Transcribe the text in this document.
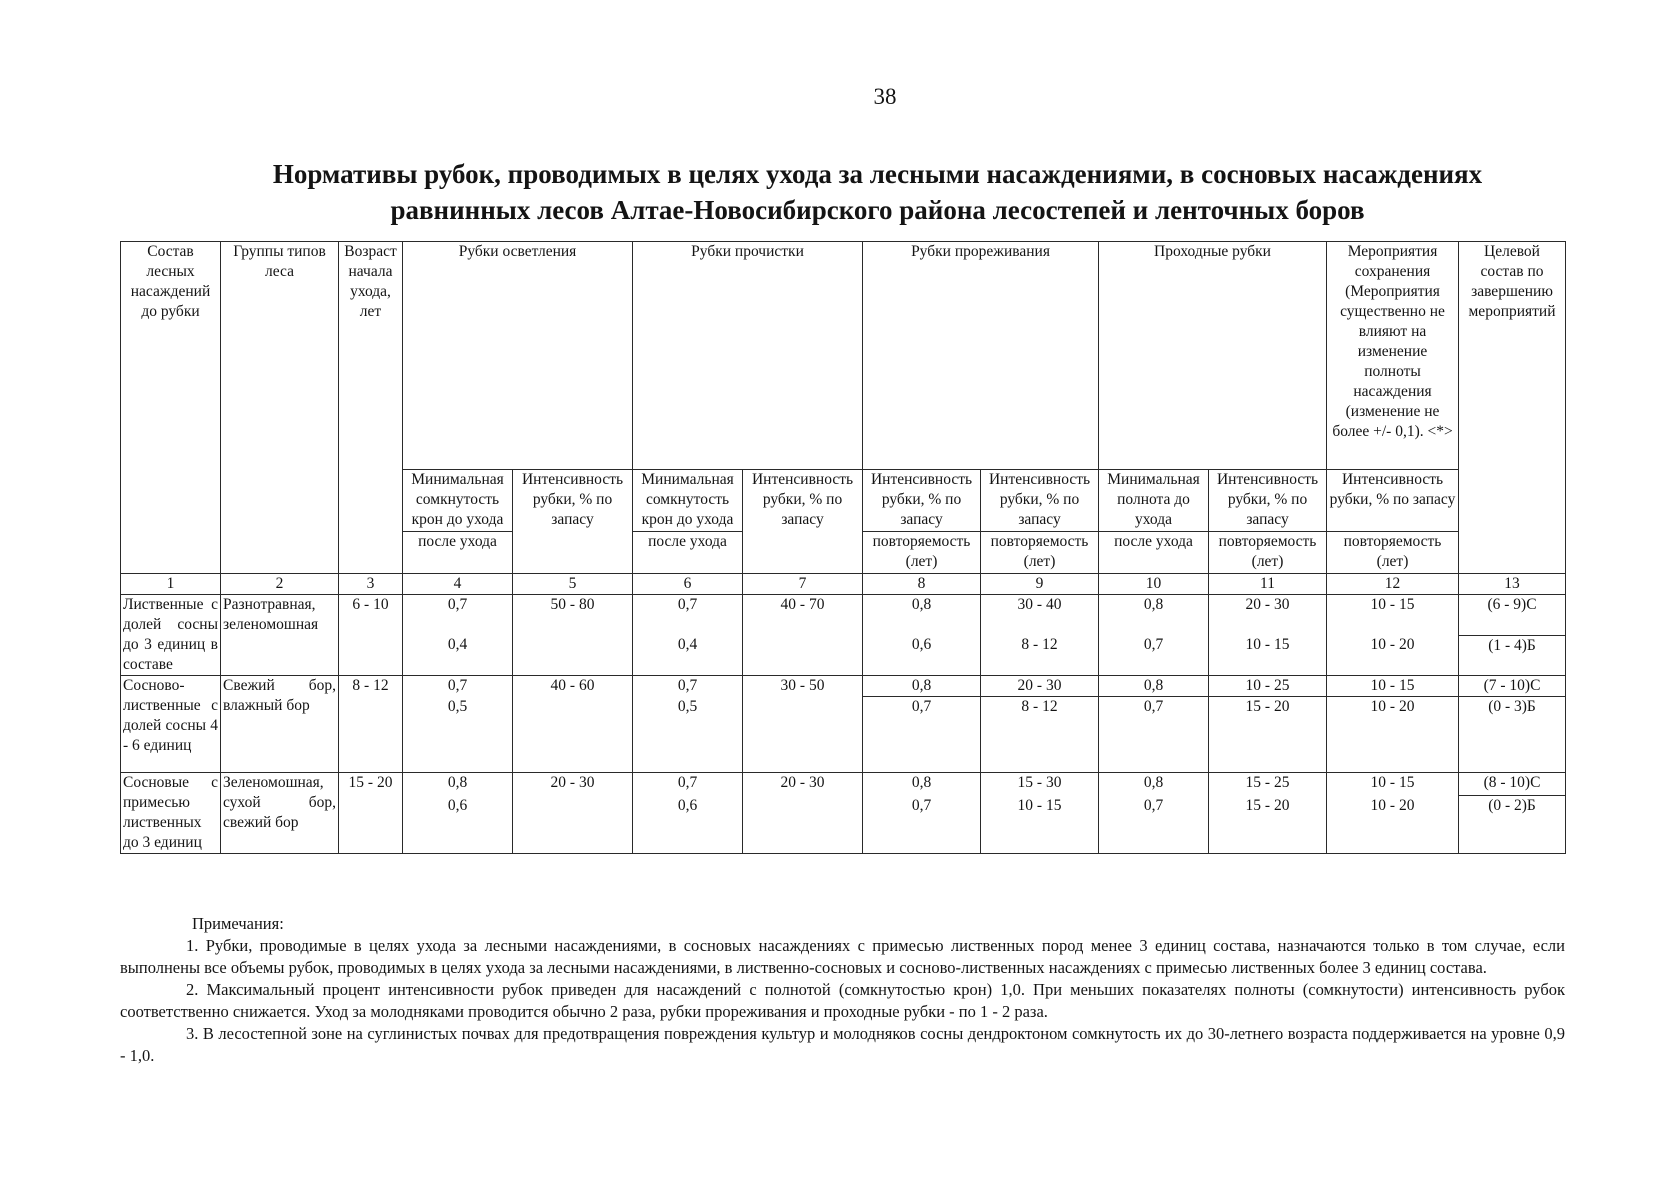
38
Нормативы рубок, проводимых в целях ухода за лесными насаждениями, в сосновых насаждениях
равнинных лесов Алтае-Новосибирского района лесостепей и ленточных боров
Состав лесных насаждений до рубки	Группы типов леса	Возраст начала ухода, лет	Рубки осветления		Рубки прочистки		Рубки прореживания		Проходные рубки		Мероприятия сохранения (Мероприятия существенно не влияют на изменение полноты насаждения (изменение не более +/- 0,1). <*>	Целевой состав по завершению мероприятий
			Минимальная сомкнутость крон до ухода	Интенсивность рубки, % по запасу	Минимальная сомкнутость крон до ухода	Интенсивность рубки, % по запасу	Интенсивность рубки, % по запасу	Интенсивность рубки, % по запасу	Минимальная полнота до ухода	Интенсивность рубки, % по запасу	Интенсивность рубки, % по запасу	
			после ухода		после ухода		повторяемость (лет)	повторяемость (лет)	после ухода	повторяемость (лет)	повторяемость (лет)	
1	2	3	4	5	6	7	8	9	10	11	12	13
Лиственные с долей сосны до 3 единиц в составе	Разнотравная, зеленомошная	6 - 10	0,7	50 - 80	0,7	40 - 70	0,8	30 - 40	0,8	20 - 30	10 - 15	(6 - 9)С
			0,4		0,4		0,6	8 - 12	0,7	10 - 15	10 - 20	(1 - 4)Б
Сосново-лиственные с долей сосны 4 - 6 единиц	Свежий бор, влажный бор	8 - 12	0,7	40 - 60	0,7	30 - 50	0,8	20 - 30	0,8	10 - 25	10 - 15	(7 - 10)С
			0,5		0,5		0,7	8 - 12	0,7	15 - 20	10 - 20	(0 - 3)Б
Сосновые с примесью лиственных до 3 единиц	Зеленомошная, сухой бор, свежий бор	15 - 20	0,8	20 - 30	0,7	20 - 30	0,8	15 - 30	0,8	15 - 25	10 - 15	(8 - 10)С
			0,6		0,6		0,7	10 - 15	0,7	15 - 20	10 - 20	(0 - 2)Б

Примечания:

1. Рубки, проводимые в целях ухода за лесными насаждениями, в сосновых насаждениях с примесью лиственных пород менее 3 единиц состава, назначаются только в том случае, если выполнены все объемы рубок, проводимых в целях ухода за лесными насаждениями, в лиственно-сосновых и сосново-лиственных насаждениях с примесью лиственных более 3 единиц состава.

2. Максимальный процент интенсивности рубок приведен для насаждений с полнотой (сомкнутостью крон) 1,0. При меньших показателях полноты (сомкнутости) интенсивность рубок соответственно снижается. Уход за молодняками проводится обычно 2 раза, рубки прореживания и проходные рубки - по 1 - 2 раза.

3. В лесостепной зоне на суглинистых почвах для предотвращения повреждения культур и молодняков сосны дендроктоном сомкнутость их до 30-летнего возраста поддерживается на уровне 0,9 - 1,0.
